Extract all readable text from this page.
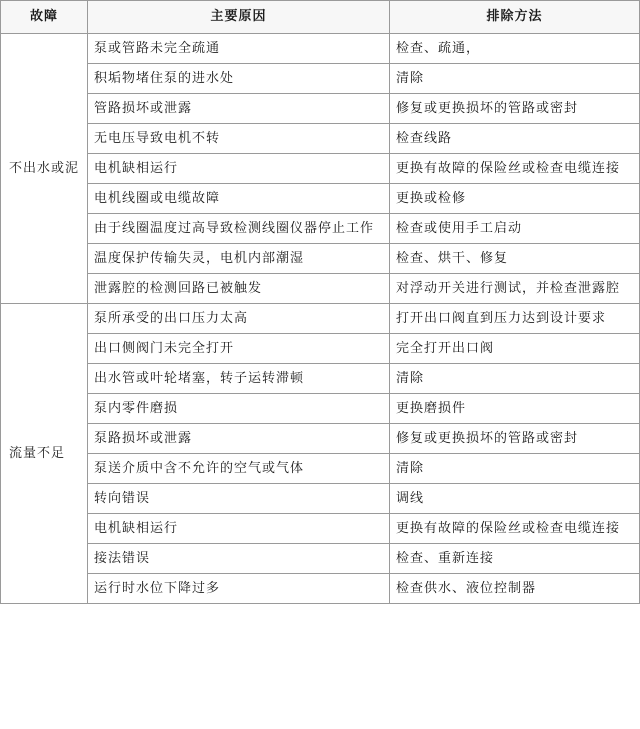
故障	主要原因	排除方法
不出水或泥	泵或管路未完全疏通	检查、疏通，
	积垢物堵住泵的进水处	清除
	管路损坏或泄露	修复或更换损坏的管路或密封
	无电压导致电机不转	检查线路
	电机缺相运行	更换有故障的保险丝或检查电缆连接
	电机线圈或电缆故障	更换或检修
	由于线圈温度过高导致检测线圈仪器停止工作	检查或使用手工启动
	温度保护传输失灵，电机内部潮湿	检查、烘干、修复
	泄露腔的检测回路已被触发	对浮动开关进行测试，并检查泄露腔
流量不足	泵所承受的出口压力太高	打开出口阀直到压力达到设计要求
	出口侧阀门未完全打开	完全打开出口阀
	出水管或叶轮堵塞，转子运转滞顿	清除
	泵内零件磨损	更换磨损件
	泵路损坏或泄露	修复或更换损坏的管路或密封
	泵送介质中含不允许的空气或气体	清除
	转向错误	调线
	电机缺相运行	更换有故障的保险丝或检查电缆连接
	接法错误	检查、重新连接
	运行时水位下降过多	检查供水、液位控制器
